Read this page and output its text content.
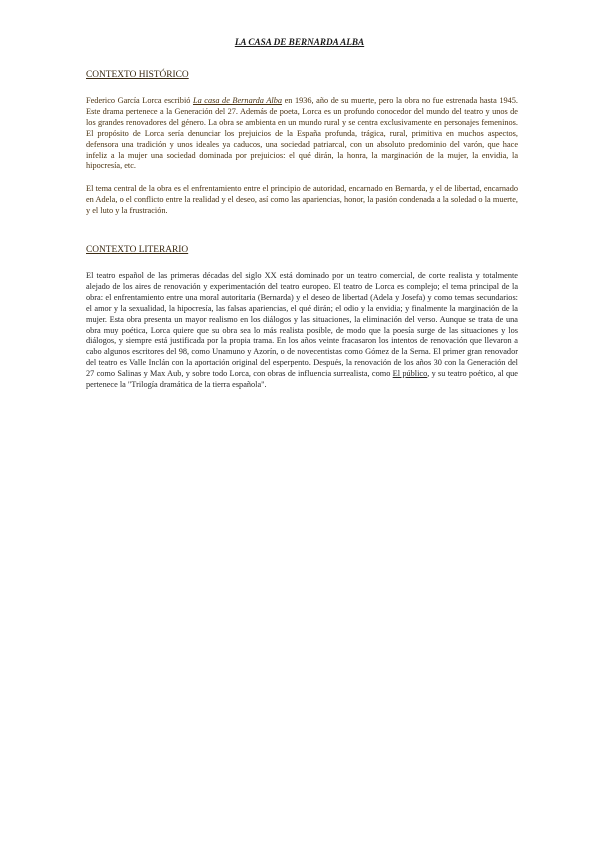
LA CASA DE BERNARDA ALBA
CONTEXTO HISTÓRICO
Federico García Lorca escribió La casa de Bernarda Alba en 1936, año de su muerte, pero la obra no fue estrenada hasta 1945. Este drama pertenece a la Generación del 27. Además de poeta, Lorca es un profundo conocedor del mundo del teatro y unos de los grandes renovadores del género. La obra se ambienta en un mundo rural y se centra exclusivamente en personajes femeninos. El propósito de Lorca sería denunciar los prejuicios de la España profunda, trágica, rural, primitiva en muchos aspectos, defensora una tradición y unos ideales ya caducos, una sociedad patriarcal, con un absoluto predominio del varón, que hace infeliz a la mujer una sociedad dominada por prejuicios: el qué dirán, la honra, la marginación de la mujer, la envidia, la hipocresía, etc.
El tema central de la obra es el enfrentamiento entre el principio de autoridad, encarnado en Bernarda, y el de libertad, encarnado en Adela, o el conflicto entre la realidad y el deseo, así como las apariencias, honor, la pasión condenada a la soledad o la muerte, y el luto y la frustración.
CONTEXTO LITERARIO
El teatro español de las primeras décadas del siglo XX está dominado por un teatro comercial, de corte realista y totalmente alejado de los aires de renovación y experimentación del teatro europeo. El teatro de Lorca es complejo; el tema principal de la obra: el enfrentamiento entre una moral autoritaria (Bernarda) y el deseo de libertad (Adela y Josefa) y como temas secundarios: el amor y la sexualidad, la hipocresía, las falsas apariencias, el qué dirán; el odio y la envidia; y finalmente la marginación de la mujer. Esta obra presenta un mayor realismo en los diálogos y las situaciones, la eliminación del verso. Aunque se trata de una obra muy poética, Lorca quiere que su obra sea lo más realista posible, de modo que la poesía surge de las situaciones y los diálogos, y siempre está justificada por la propia trama. En los años veinte fracasaron los intentos de renovación que llevaron a cabo algunos escritores del 98, como Unamuno y Azorín, o de novecentistas como Gómez de la Serna. El primer gran renovador del teatro es Valle Inclán con la aportación original del esperpento. Después, la renovación de los años 30 con la Generación del 27 como Salinas y Max Aub, y sobre todo Lorca, con obras de influencia surrealista, como El público, y su teatro poético, al que pertenece la "Trilogía dramática de la tierra española".
